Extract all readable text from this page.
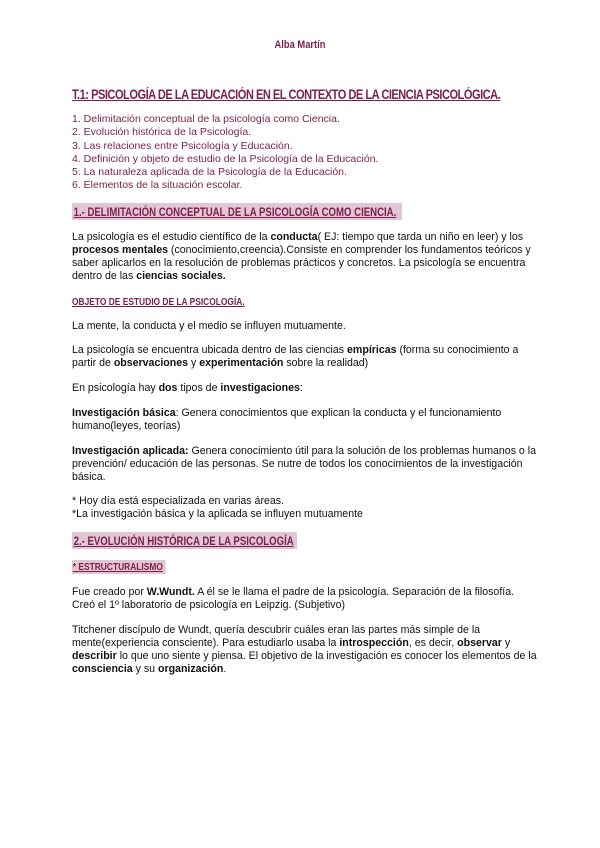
Alba Martín
T.1: PSICOLOGÍA DE LA EDUCACIÓN EN EL CONTEXTO DE LA CIENCIA PSICOLÓGICA.
1. Delimitación conceptual de la psicología como Ciencia.
2. Evolución histórica de la Psicología.
3. Las relaciones entre Psicología y Educación.
4. Definición y objeto de estudio de la Psicología de la Educación.
5. La naturaleza aplicada de la Psicología de la Educación.
6. Elementos de la situación escolar.
1.- DELIMITACIÓN CONCEPTUAL DE LA PSICOLOGÍA COMO CIENCIA.

La psicología es el estudio científico de la conducta( EJ: tiempo que tarda un niño en leer) y los procesos mentales (conocimiento,creencia).Consiste en comprender los fundamentos teóricos y saber aplicarlos en la resolución de problemas prácticos y concretos. La psicología se encuentra dentro de las ciencias sociales.

OBJETO DE ESTUDIO DE LA PSICOLOGÍA.

La mente, la conducta y el medio se influyen mutuamente.

La psicología se encuentra ubicada dentro de las ciencias empíricas (forma su conocimiento a partir de observaciones y experimentación sobre la realidad)

En psicología hay dos tipos de investigaciones:

Investigación básica: Genera conocimientos que explican la conducta y el funcionamiento humano(leyes, teorías)

Investigación aplicada: Genera conocimiento útil para la solución de los problemas humanos o la prevención/ educación de las personas. Se nutre de todos los conocimientos de la investigación básica.

* Hoy día está especializada en varias áreas.

*La investigación básica y la aplicada se influyen mutuamente

2.- EVOLUCIÓN HISTÓRICA DE LA PSICOLOGÍA
* ESTRUCTURALISMO

Fue creado por W.Wundt. A él se le llama el padre de la psicología. Separación de la filosofía. Creó el 1º laboratorio de psicología en Leipzig. (Subjetivo)

Titchener discípulo de Wundt, quería descubrir cuáles eran las partes más simple de la mente(experiencia consciente). Para estudiarlo usaba la introspección, es decir, observar y describir lo que uno siente y piensa. El objetivo de la investigación es conocer los elementos de la consciencia y su organización.
